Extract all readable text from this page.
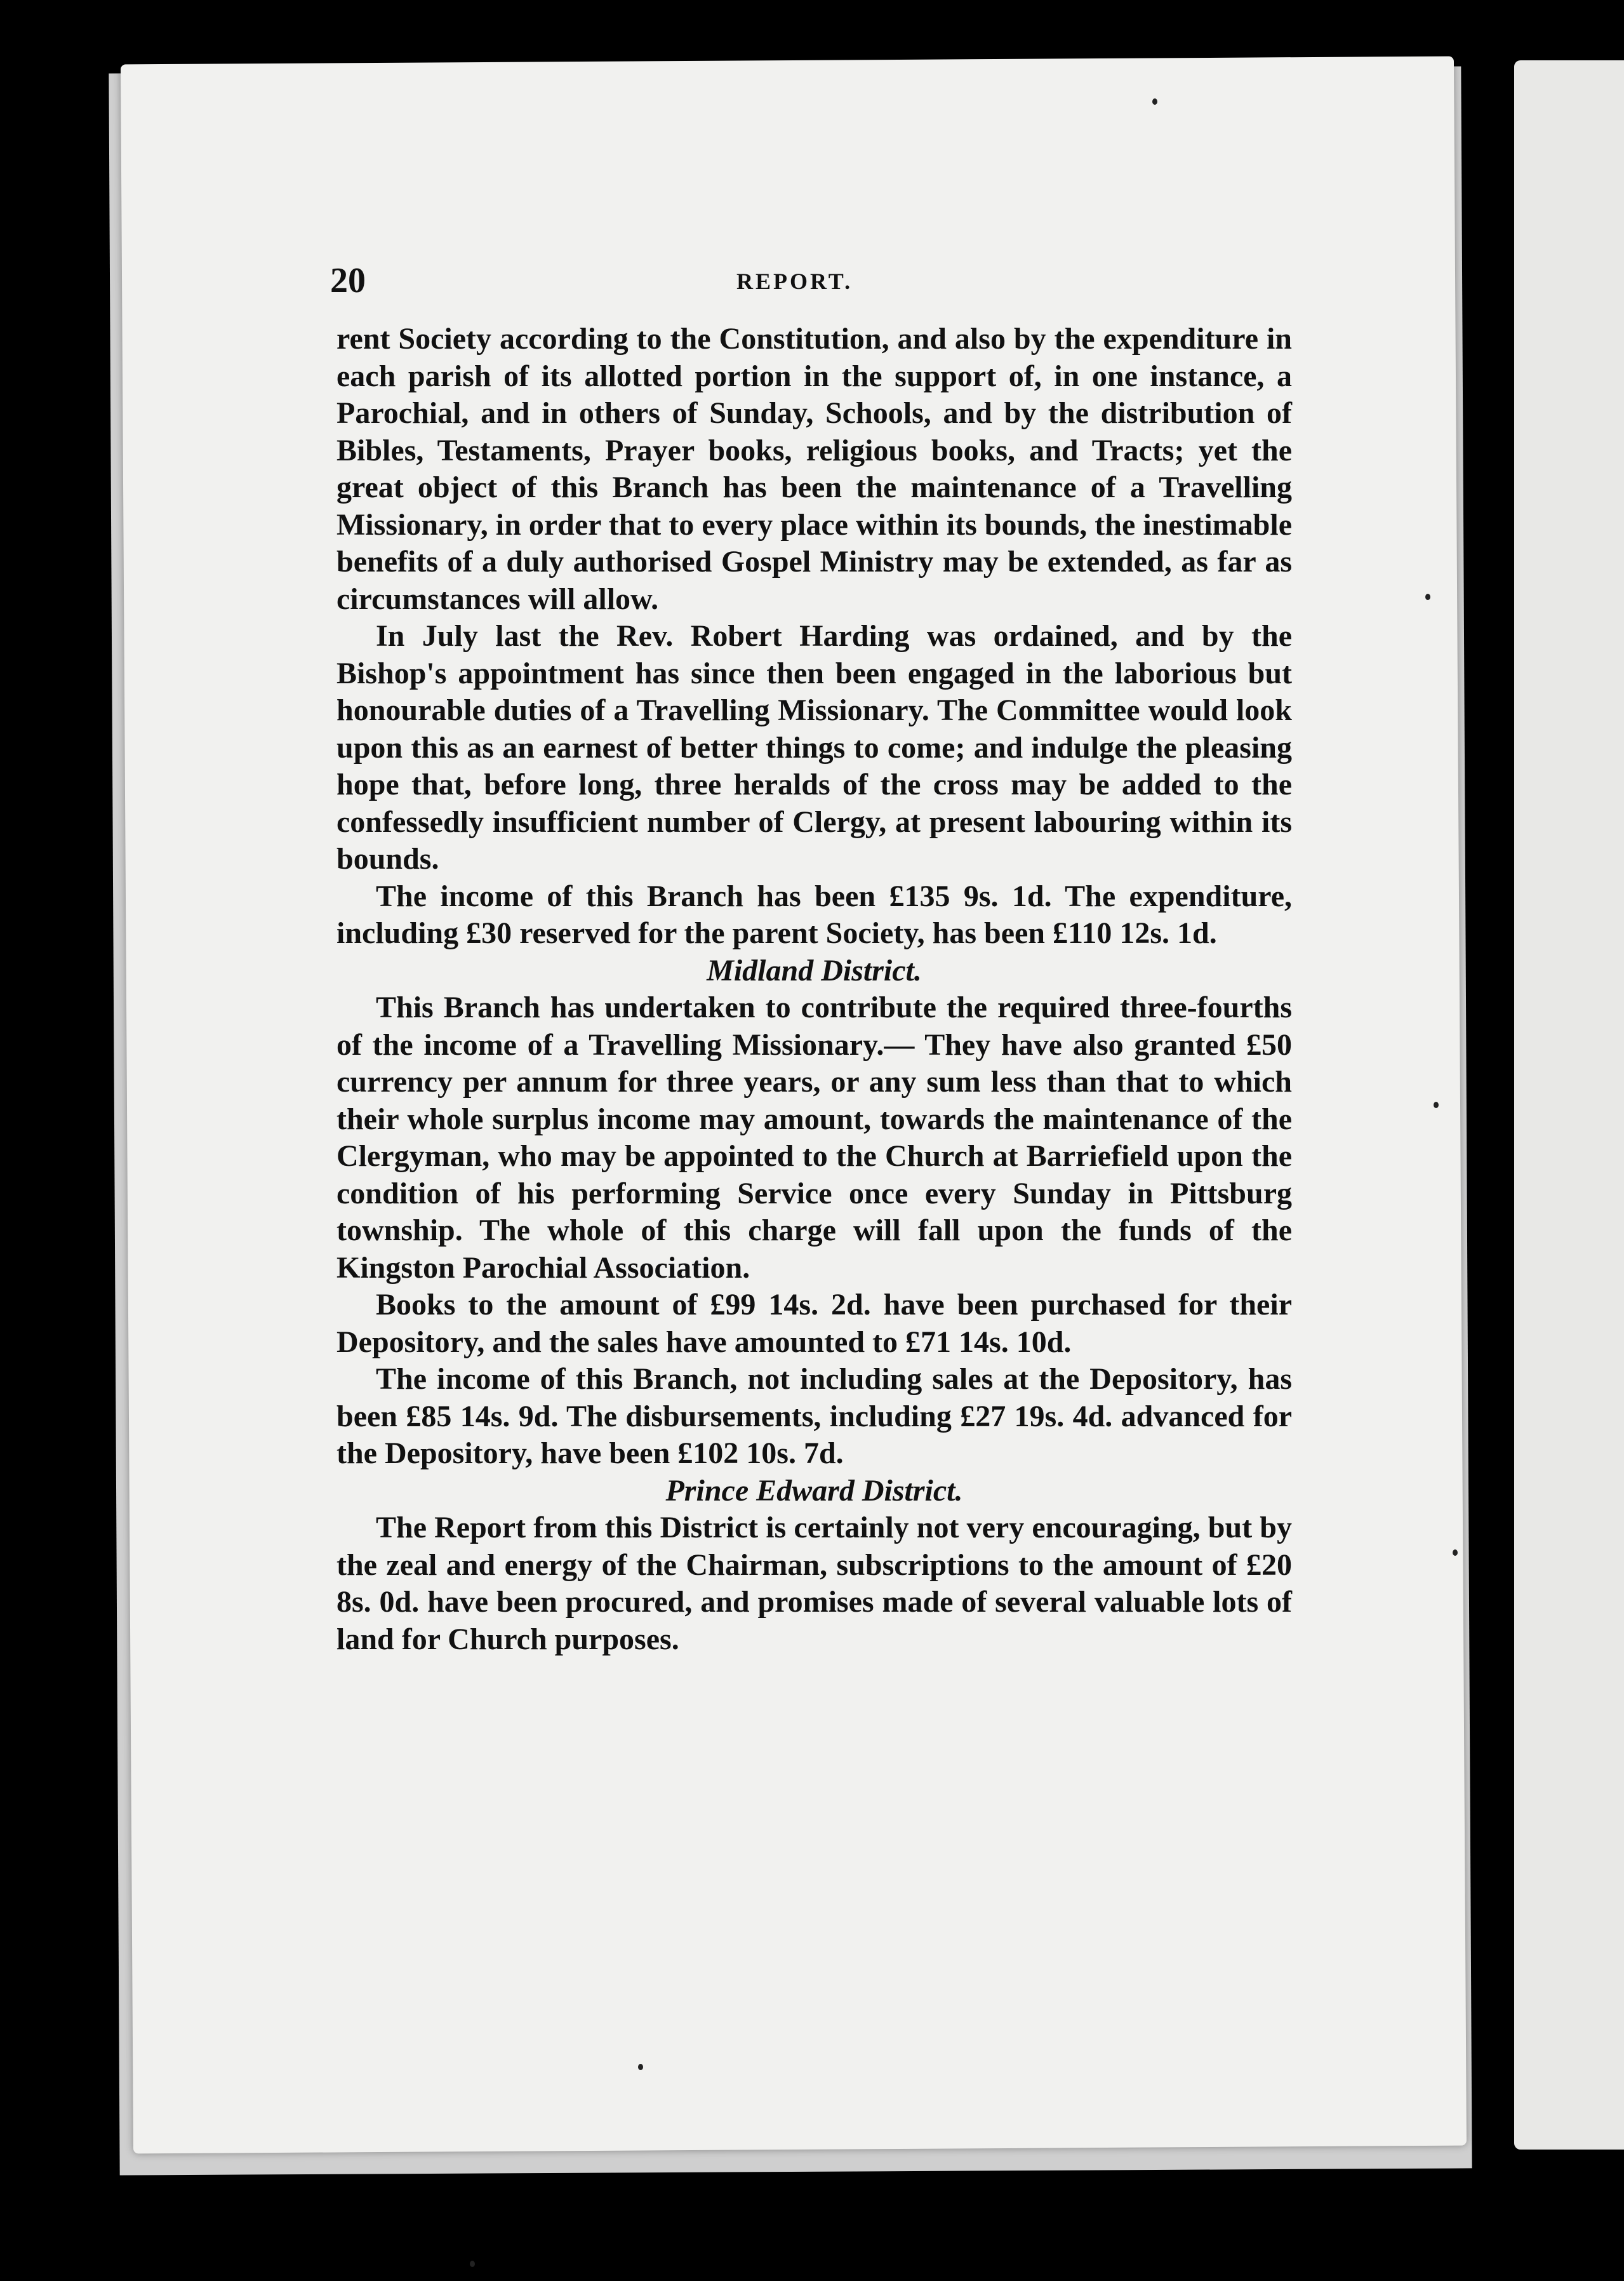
20	REPORT.

rent Society according to the Constitution, and also by the expenditure in each parish of its allotted portion in the support of, in one instance, a Parochial, and in others of Sunday, Schools, and by the distribution of Bibles, Testaments, Prayer books, religious books, and Tracts; yet the great object of this Branch has been the maintenance of a Travelling Missionary, in order that to every place within its bounds, the inestimable benefits of a duly authorised Gospel Ministry may be extended, as far as circumstances will allow.

In July last the Rev. Robert Harding was ordained, and by the Bishop's appointment has since then been engaged in the laborious but honourable duties of a Travelling Missionary. The Committee would look upon this as an earnest of better things to come; and indulge the pleasing hope that, before long, three heralds of the cross may be added to the confessedly insufficient number of Clergy, at present labouring within its bounds.

The income of this Branch has been £135 9s. 1d. The expenditure, including £30 reserved for the parent Society, has been £110 12s. 1d.

Midland District.

This Branch has undertaken to contribute the required three-fourths of the income of a Travelling Missionary.— They have also granted £50 currency per annum for three years, or any sum less than that to which their whole surplus income may amount, towards the maintenance of the Clergyman, who may be appointed to the Church at Barriefield upon the condition of his performing Service once every Sunday in Pittsburg township. The whole of this charge will fall upon the funds of the Kingston Parochial Association.

Books to the amount of £99 14s. 2d. have been purchased for their Depository, and the sales have amounted to £71 14s. 10d.

The income of this Branch, not including sales at the Depository, has been £85 14s. 9d. The disbursements, including £27 19s. 4d. advanced for the Depository, have been £102 10s. 7d.

Prince Edward District.

The Report from this District is certainly not very encouraging, but by the zeal and energy of the Chairman, subscriptions to the amount of £20 8s. 0d. have been procured, and promises made of several valuable lots of land for Church purposes.
